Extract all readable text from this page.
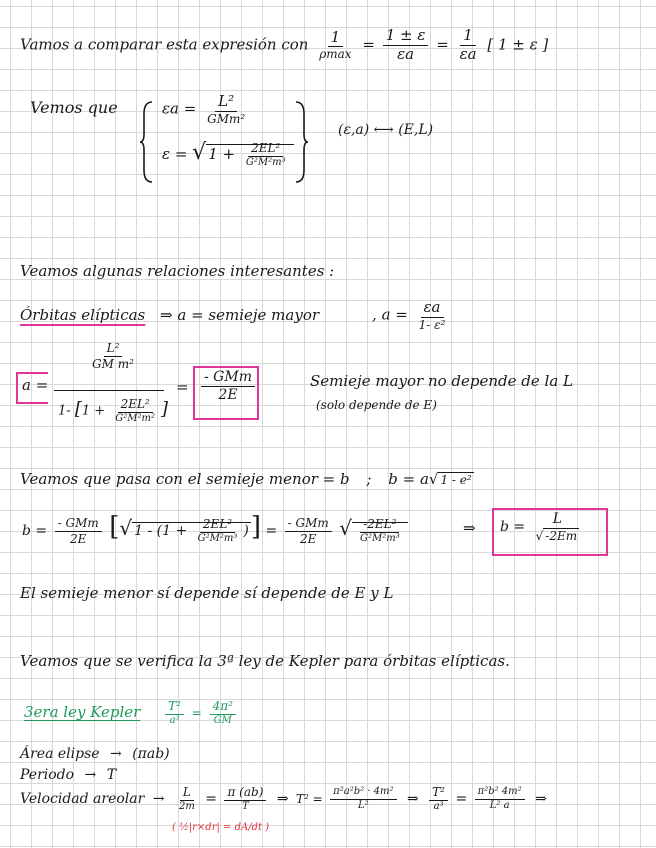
Vamos a comparar esta expresión con $\frac{1}{\rho\max} = \frac{1 \pm \varepsilon}{\varepsilon a} = \frac{1}{\varepsilon a}$ [ 1 ± ε ]
Vemos que	$\varepsilon a = \frac{\text{L²}}{\text{GMm²}}$
ε = √ $1 + \frac{\text{2EL²}}{\text{G²M²m³}}$
(ε,a) ⟷ (E,L)
Veamos algunas relaciones interesantes :
Órbitas elípticas ⇒ a = semieje mayor	, $a = \frac{\varepsilon a}{\text{1- ε²}}$
a =
$\frac{\text{L²}}{\text{GM m²}}$
1- [$1 + \frac{\text{2EL²}}{\text{G²M²m²}}$ ]
= $\frac{\text{- GMm}}{2E}$	Semieje mayor no depende de la L
(solo depende de E)
Veamos que pasa con el semieje menor = b ; b = a√ 1 - e²
$b = \frac{\text{- GMm}}{2E}$ [√ $1 - (1 + \frac{\text{2EL²}}{\text{G²M²m³}}$ )] = $\frac{\text{- GMm}}{2E}$ √ $\frac{\text{-2EL²}}{\text{G²M²m³}}$	⇒ $b = \frac{L}{√ -2Em}$
El semieje menor sí depende sí depende de E y L
Veamos que se verifica la 3ª ley de Kepler para órbitas elípticas.
3era ley Kepler $\frac{\text{T²}}{\text{a³}} = \frac{\text{4π²}}{GM}$
Área elipse → (πab)
Periodo → T
Velocidad areolar → $\frac{L}{2m} = \frac{\pi (ab)}{T}$ ⇒ $T^2 = \frac{\text{π²a²b² · 4m²}}{\text{L²}}$ ⇒ $\frac{\text{T²}}{\text{a³}} = \frac{\text{π²b² 4m²}}{\text{L² a}}$ ⇒
( ½|r×dr| = dA/dt )
